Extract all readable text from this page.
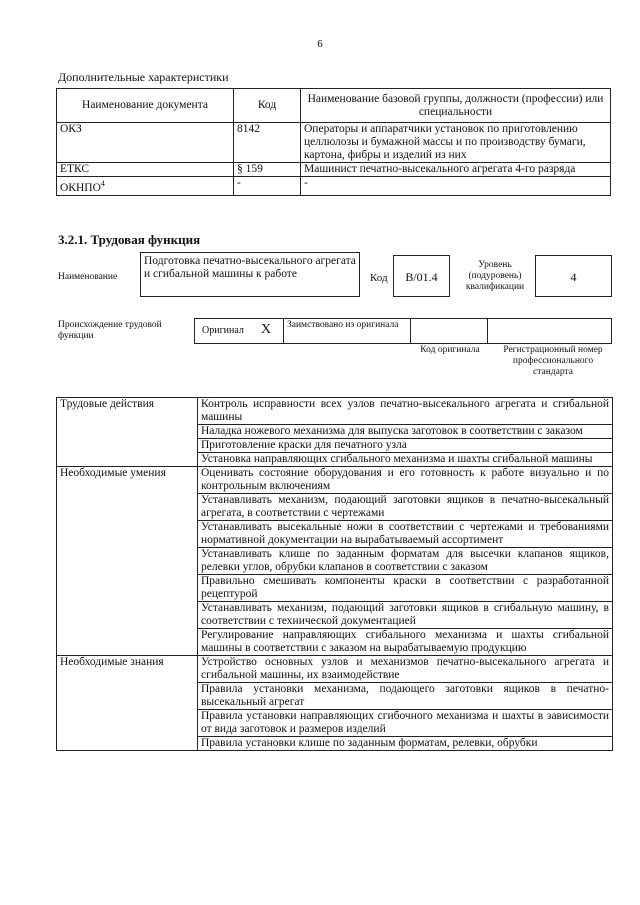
6
Дополнительные характеристики
Наименование документа	Код	Наименование базовой группы, должности (профессии) или специальности
ОКЗ	8142	Операторы и аппаратчики установок по приготовлению целлюлозы и бумажной массы и по производству бумаги, картона, фибры и изделий из них
ЕТКС	§ 159	Машинист печатно-высекального агрегата 4-го разряда
ОКНПО$^4$	-	-
3.2.1. Трудовая функция
Наименование
Подготовка печатно-высекального агрегата и сгибальной машины к работе	Код	B/01.4
Уровень (подуровень) квалификации
4
Происхождение трудовой функции	Оригинал X Заимствовано из оригинала
Код оригинала	Регистрационный номер профессионального стандарта
Трудовые действия	Контроль исправности всех узлов печатно-высекального агрегата и сгибальной машины
	Наладка ножевого механизма для выпуска заготовок в соответствии с заказом
	Приготовление краски для печатного узла
	Установка направляющих сгибального механизма и шахты сгибальной машины
Необходимые умения	Оценивать состояние оборудования и его готовность к работе визуально и по контрольным включениям
	Устанавливать механизм, подающий заготовки ящиков в печатно-высекальный агрегата, в соответствии с чертежами
	Устанавливать высекальные ножи в соответствии с чертежами и требованиями нормативной документации на вырабатываемый ассортимент
	Устанавливать клише по заданным форматам для высечки клапанов ящиков, релевки углов, обрубки клапанов в соответствии с заказом
	Правильно смешивать компоненты краски в соответствии с разработанной рецептурой
	Устанавливать механизм, подающий заготовки ящиков в сгибальную машину, в соответствии с технической документацией
	Регулирование направляющих сгибального механизма и шахты сгибальной машины в соответствии с заказом на вырабатываемую продукцию
Необходимые знания	Устройство основных узлов и механизмов печатно-высекального агрегата и сгибальной машины, их взаимодействие
	Правила установки механизма, подающего заготовки ящиков в печатно-высекальный агрегат
	Правила установки направляющих сгибочного механизма и шахты в зависимости от вида заготовок и размеров изделий
	Правила установки клише по заданным форматам, релевки, обрубки
